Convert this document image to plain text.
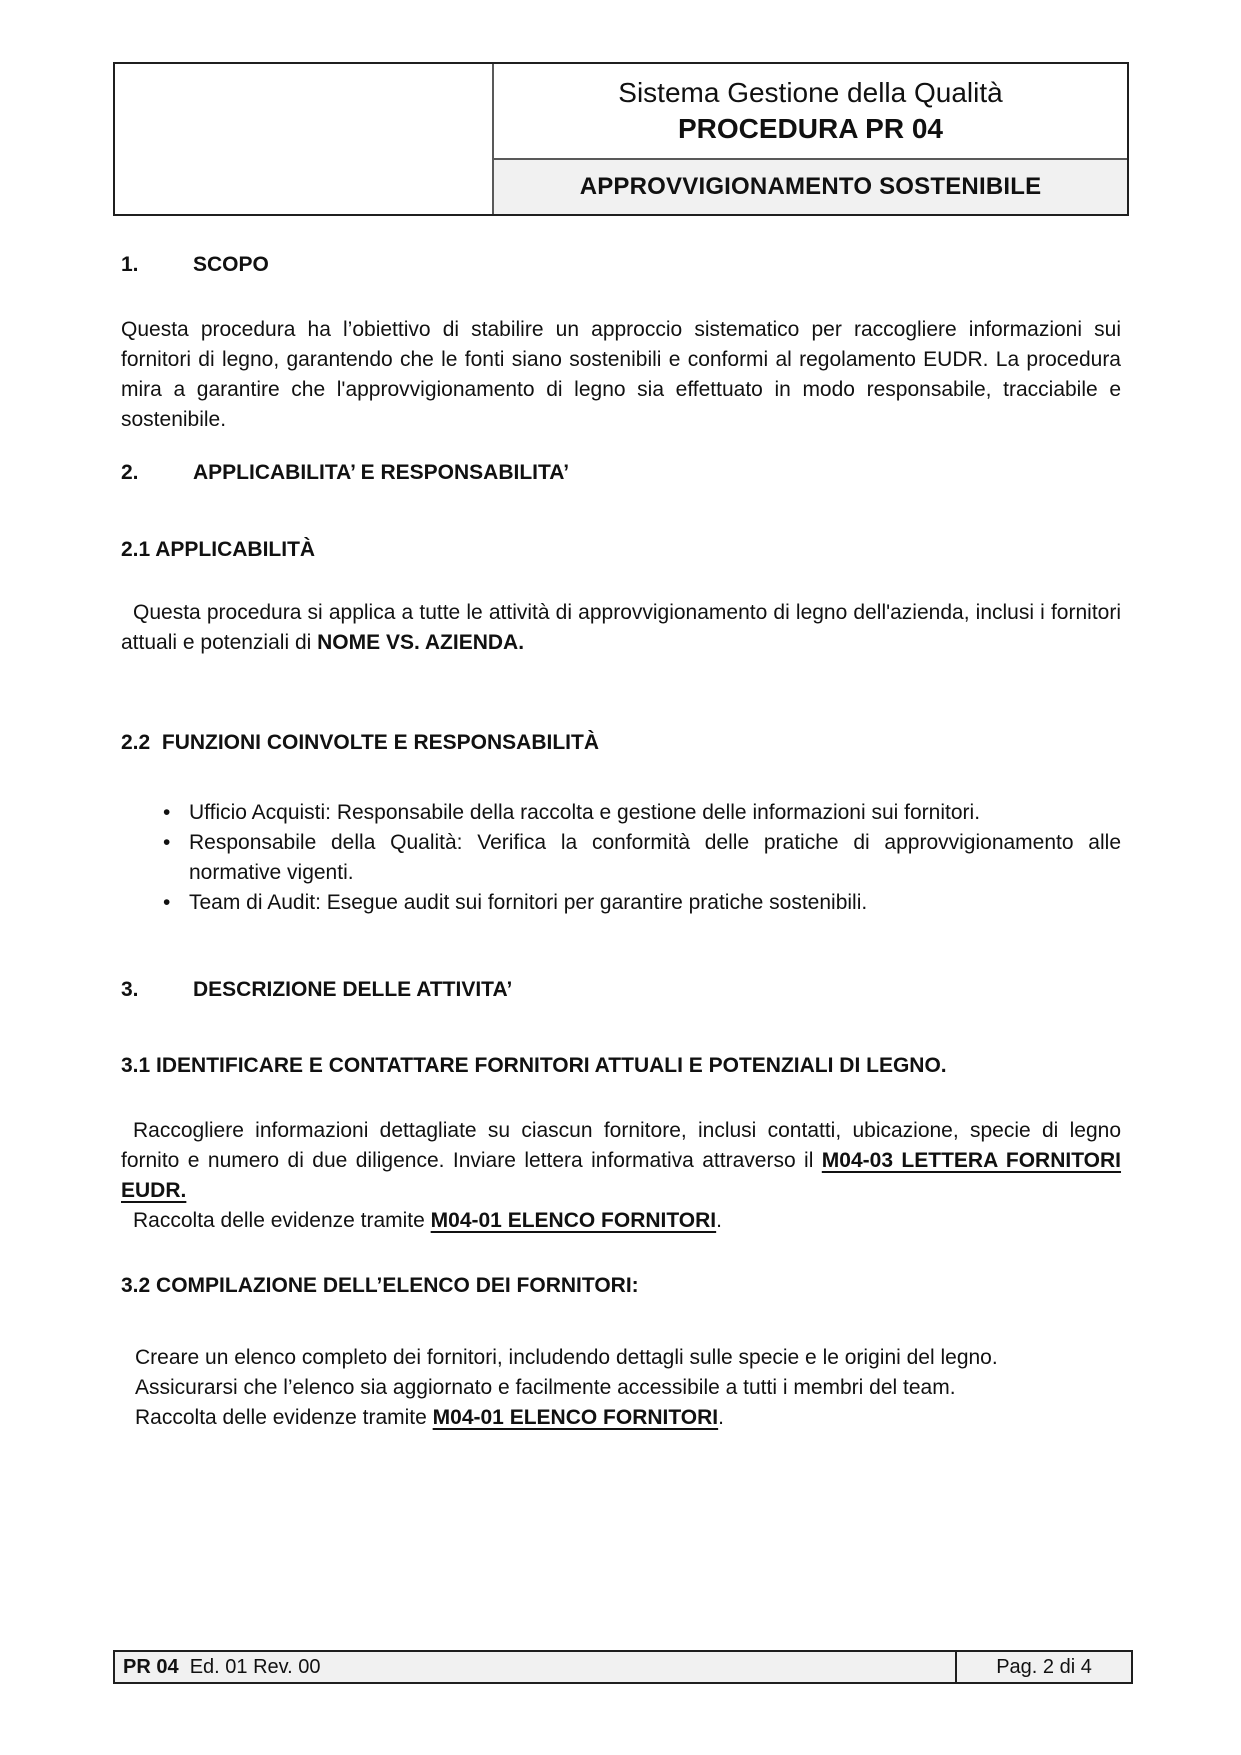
Sistema Gestione della Qualità
PROCEDURA PR 04
APPROVVIGIONAMENTO SOSTENIBILE
1.	SCOPO

Questa procedura ha l’obiettivo di stabilire un approccio sistematico per raccogliere informazioni sui fornitori di legno, garantendo che le fonti siano sostenibili e conformi al regolamento EUDR. La procedura mira a garantire che l'approvvigionamento di legno sia effettuato in modo responsabile, tracciabile e sostenibile.

2.	APPLICABILITA’ E RESPONSABILITA’
2.1 APPLICABILITÀ

Questa procedura si applica a tutte le attività di approvvigionamento di legno dell'azienda, inclusi i fornitori attuali e potenziali di NOME VS. AZIENDA.

2.2  FUNZIONI COINVOLTE E RESPONSABILITÀ
• Ufficio Acquisti: Responsabile della raccolta e gestione delle informazioni sui fornitori.
• Responsabile della Qualità: Verifica la conformità delle pratiche di approvvigionamento alle normative vigenti.
• Team di Audit: Esegue audit sui fornitori per garantire pratiche sostenibili.
3.	DESCRIZIONE DELLE ATTIVITA’
3.1 IDENTIFICARE E CONTATTARE FORNITORI ATTUALI E POTENZIALI DI LEGNO.

Raccogliere informazioni dettagliate su ciascun fornitore, inclusi contatti, ubicazione, specie di legno fornito e numero di due diligence. Inviare lettera informativa attraverso il M04-03 LETTERA FORNITORI EUDR.

Raccolta delle evidenze tramite M04-01 ELENCO FORNITORI.

3.2 COMPILAZIONE DELL’ELENCO DEI FORNITORI:

Creare un elenco completo dei fornitori, includendo dettagli sulle specie e le origini del legno.

Assicurarsi che l’elenco sia aggiornato e facilmente accessibile a tutti i membri del team.

Raccolta delle evidenze tramite M04-01 ELENCO FORNITORI.

PR 04  Ed. 01 Rev. 00	Pag. 2 di 4
